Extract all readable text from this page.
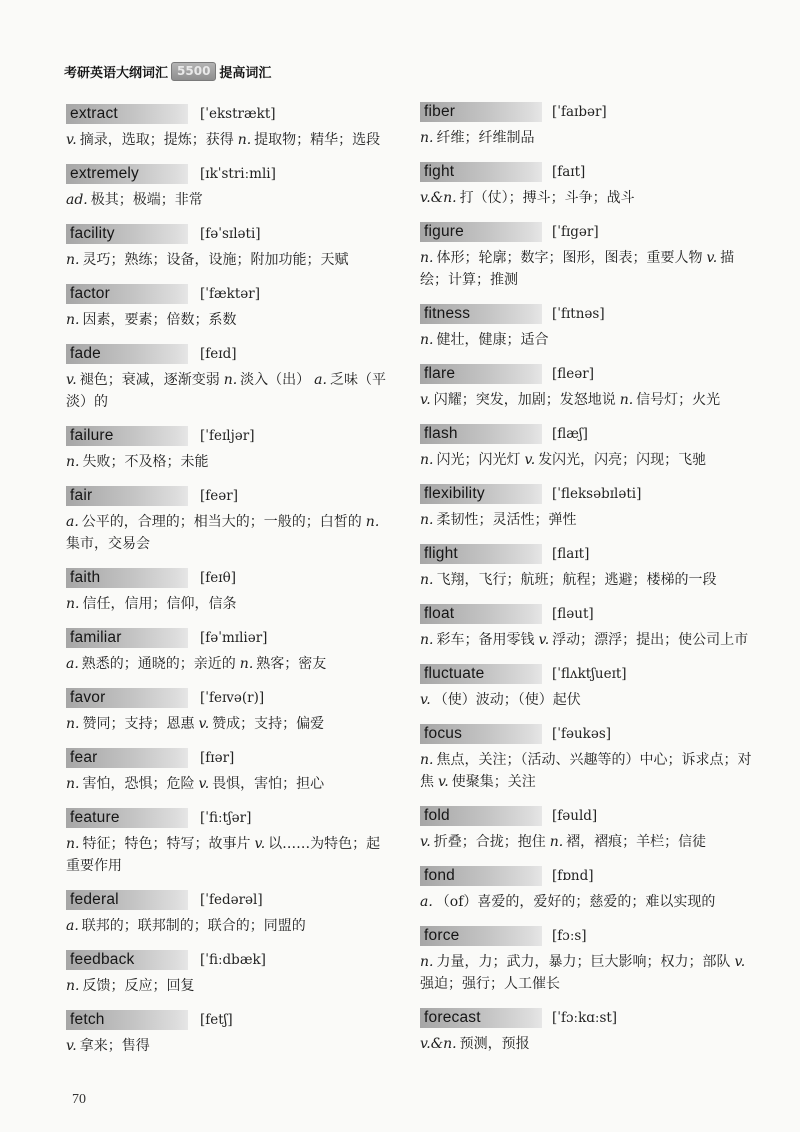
考研英语大纲词汇 5500 提高词汇
extract	[ˈekstrækt]
v. 摘录，选取；提炼；获得 n. 提取物；精华；选段
extremely	[ɪkˈstriːmli]
ad. 极其；极端；非常
facility	[fəˈsɪləti]
n. 灵巧；熟练；设备，设施；附加功能；天赋
factor	[ˈfæktər]
n. 因素，要素；倍数；系数
fade	[feɪd]
v. 褪色；衰减，逐渐变弱 n. 淡入（出） a. 乏味（平淡）的
failure	[ˈfeɪljər]
n. 失败；不及格；未能
fair	[feər]
a. 公平的，合理的；相当大的；一般的；白皙的 n.集市，交易会
faith	[feɪθ]
n. 信任，信用；信仰，信条
familiar	[fəˈmɪliər]
a. 熟悉的；通晓的；亲近的 n. 熟客；密友
favor	[ˈfeɪvə(r)]
n. 赞同；支持；恩惠 v. 赞成；支持；偏爱
fear	[fɪər]
n. 害怕，恐惧；危险 v. 畏惧，害怕；担心
feature	[ˈfiːtʃər]
n. 特征；特色；特写；故事片 v. 以……为特色；起重要作用
federal	[ˈfedərəl]
a. 联邦的；联邦制的；联合的；同盟的
feedback	[ˈfiːdbæk]
n. 反馈；反应；回复
fetch	[fetʃ]
v. 拿来；售得
fiber	[ˈfaɪbər]
n. 纤维；纤维制品
fight	[faɪt]
v.&n. 打（仗）；搏斗；斗争；战斗
figure	[ˈfɪgər]
n. 体形；轮廓；数字；图形，图表；重要人物 v. 描绘；计算；推测
fitness	[ˈfɪtnəs]
n. 健壮，健康；适合
flare	[fleər]
v. 闪耀；突发，加剧；发怒地说 n. 信号灯；火光
flash	[flæʃ]
n. 闪光；闪光灯 v. 发闪光，闪亮；闪现；飞驰
flexibility	[ˈfleksəbɪləti]
n. 柔韧性；灵活性；弹性
flight	[flaɪt]
n. 飞翔，飞行；航班；航程；逃避；楼梯的一段
float	[fləut]
n. 彩车；备用零钱 v. 浮动；漂浮；提出；使公司上市
fluctuate	[ˈflʌktʃueɪt]
v. （使）波动；（使）起伏
focus	[ˈfəukəs]
n. 焦点，关注；（活动、兴趣等的）中心；诉求点；对焦 v. 使聚集；关注
fold	[fəuld]
v. 折叠；合拢；抱住 n. 褶，褶痕；羊栏；信徒
fond	[fɒnd]
a. （of）喜爱的，爱好的；慈爱的；难以实现的
force	[fɔːs]
n. 力量，力；武力，暴力；巨大影响；权力；部队 v.强迫；强行；人工催长
forecast	[ˈfɔːkɑːst]
v.&n. 预测，预报
70
